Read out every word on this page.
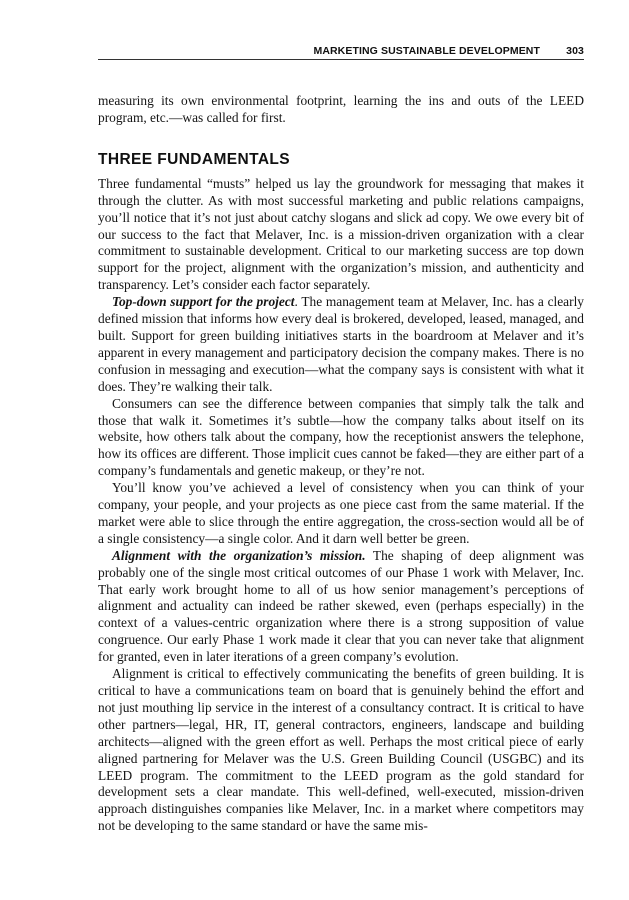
MARKETING SUSTAINABLE DEVELOPMENT 303

measuring its own environmental footprint, learning the ins and outs of the LEED program, etc.—was called for first.

THREE FUNDAMENTALS

Three fundamental “musts” helped us lay the groundwork for messaging that makes it through the clutter. As with most successful marketing and public relations campaigns, you’ll notice that it’s not just about catchy slogans and slick ad copy. We owe every bit of our success to the fact that Melaver, Inc. is a mission-driven organization with a clear commitment to sustainable development. Critical to our marketing success are top down support for the project, alignment with the organization’s mission, and authenticity and transparency. Let’s consider each factor separately.

Top-down support for the project. The management team at Melaver, Inc. has a clearly defined mission that informs how every deal is brokered, developed, leased, managed, and built. Support for green building initiatives starts in the boardroom at Melaver and it’s apparent in every management and participatory decision the company makes. There is no confusion in messaging and execution—what the company says is consistent with what it does. They’re walking their talk.

Consumers can see the difference between companies that simply talk the talk and those that walk it. Sometimes it’s subtle—how the company talks about itself on its website, how others talk about the company, how the receptionist answers the telephone, how its offices are different. Those implicit cues cannot be faked—they are either part of a company’s fundamentals and genetic makeup, or they’re not.

You’ll know you’ve achieved a level of consistency when you can think of your company, your people, and your projects as one piece cast from the same material. If the market were able to slice through the entire aggregation, the cross-section would all be of a single consistency—a single color. And it darn well better be green.

Alignment with the organization’s mission. The shaping of deep alignment was probably one of the single most critical outcomes of our Phase 1 work with Melaver, Inc. That early work brought home to all of us how senior management’s perceptions of alignment and actuality can indeed be rather skewed, even (perhaps especially) in the context of a values-centric organization where there is a strong supposition of value congruence. Our early Phase 1 work made it clear that you can never take that alignment for granted, even in later iterations of a green company’s evolution.

Alignment is critical to effectively communicating the benefits of green building. It is critical to have a communications team on board that is genuinely behind the effort and not just mouthing lip service in the interest of a consultancy contract. It is critical to have other partners—legal, HR, IT, general contractors, engineers, landscape and building architects—aligned with the green effort as well. Perhaps the most critical piece of early aligned partnering for Melaver was the U.S. Green Building Council (USGBC) and its LEED program. The commitment to the LEED program as the gold standard for development sets a clear mandate. This well-defined, well-executed, mission-driven approach distinguishes companies like Melaver, Inc. in a market where competitors may not be developing to the same standard or have the same mis-
